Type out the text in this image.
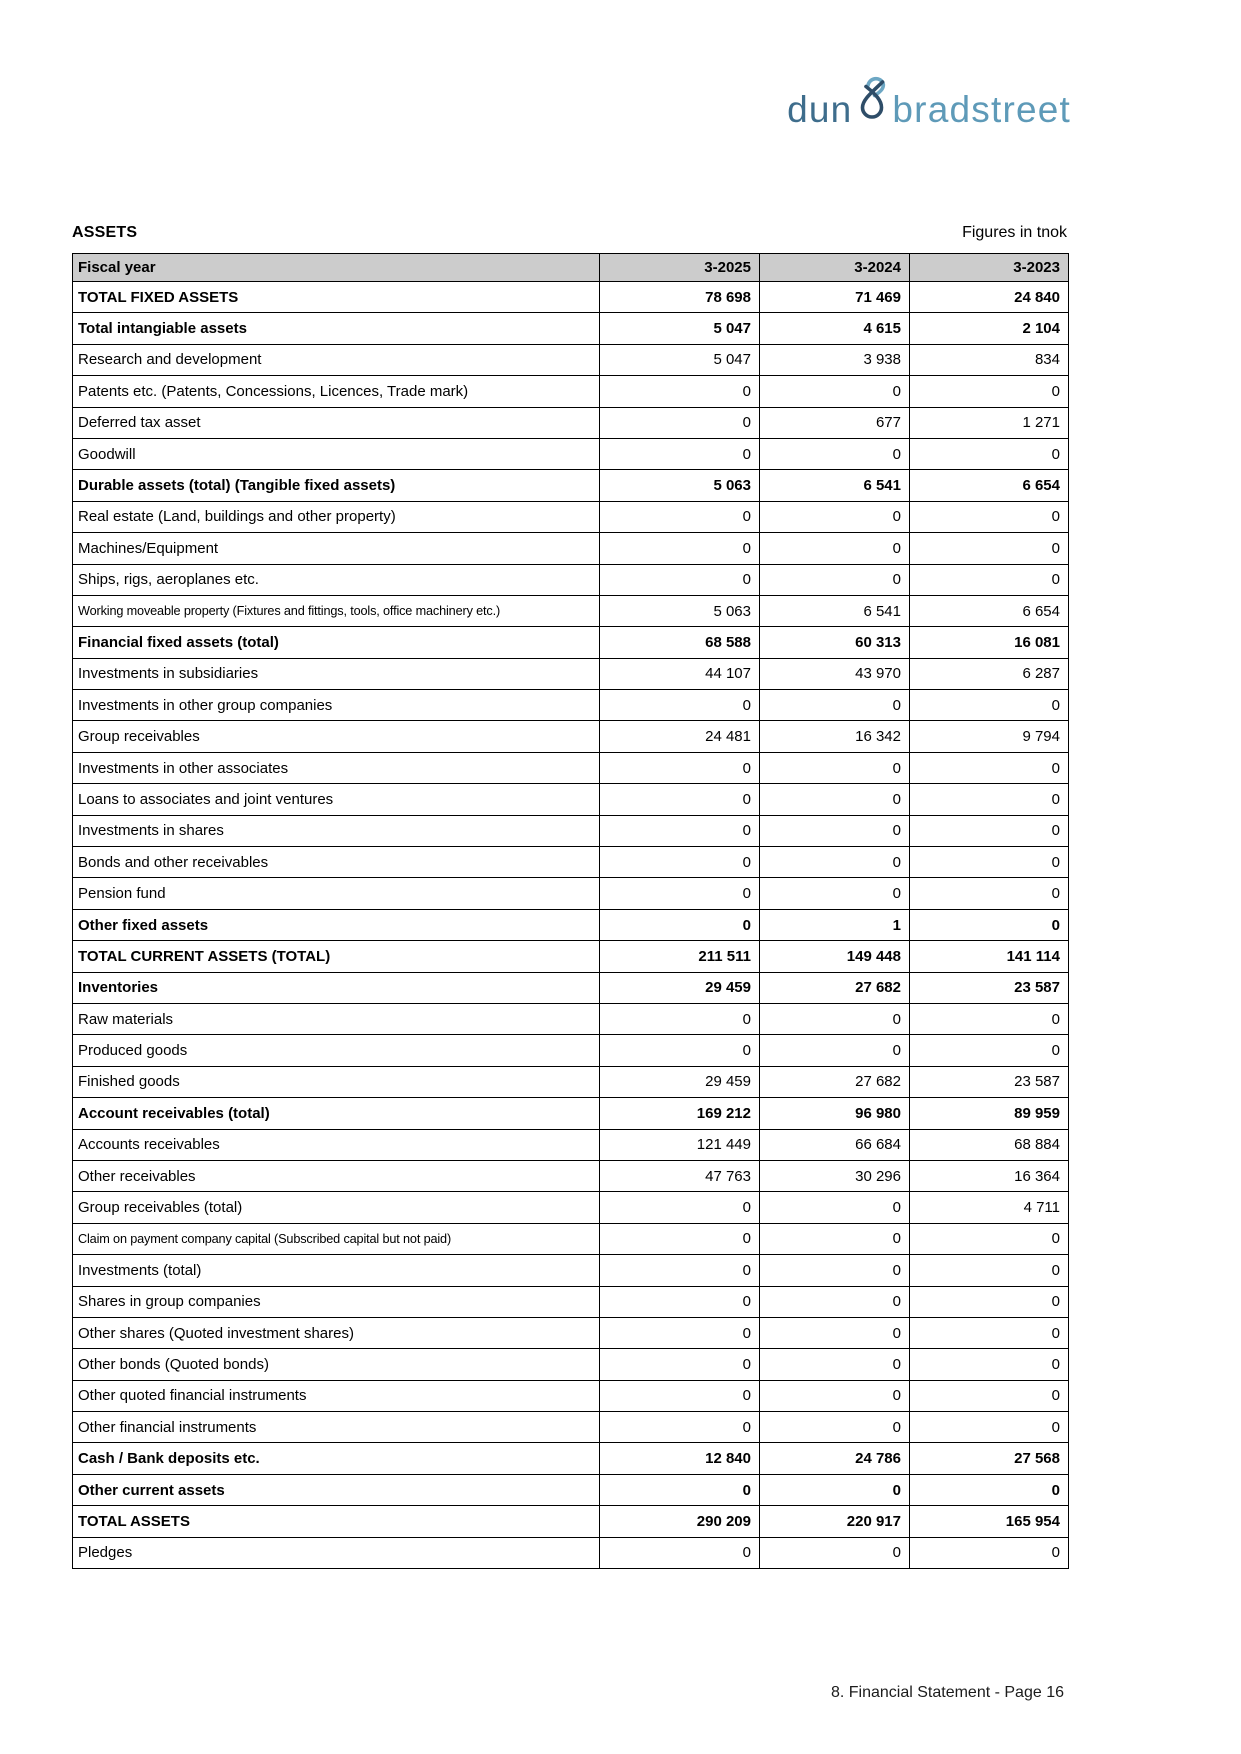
dun bradstreet
ASSETS	Figures in tnok
Fiscal year	3-2025	3-2024	3-2023
TOTAL FIXED ASSETS	78 698	71 469	24 840
Total intangiable assets	5 047	4 615	2 104
Research and development	5 047	3 938	834
Patents etc. (Patents, Concessions, Licences, Trade mark)	0	0	0
Deferred tax asset	0	677	1 271
Goodwill	0	0	0
Durable assets (total) (Tangible fixed assets)	5 063	6 541	6 654
Real estate (Land, buildings and other property)	0	0	0
Machines/Equipment	0	0	0
Ships, rigs, aeroplanes etc.	0	0	0
Working moveable property (Fixtures and fittings, tools, office machinery etc.)	5 063	6 541	6 654
Financial fixed assets (total)	68 588	60 313	16 081
Investments in subsidiaries	44 107	43 970	6 287
Investments in other group companies	0	0	0
Group receivables	24 481	16 342	9 794
Investments in other associates	0	0	0
Loans to associates and joint ventures	0	0	0
Investments in shares	0	0	0
Bonds and other receivables	0	0	0
Pension fund	0	0	0
Other fixed assets	0	1	0
TOTAL CURRENT ASSETS (TOTAL)	211 511	149 448	141 114
Inventories	29 459	27 682	23 587
Raw materials	0	0	0
Produced goods	0	0	0
Finished goods	29 459	27 682	23 587
Account receivables (total)	169 212	96 980	89 959
Accounts receivables	121 449	66 684	68 884
Other receivables	47 763	30 296	16 364
Group receivables (total)	0	0	4 711
Claim on payment company capital (Subscribed capital but not paid)	0	0	0
Investments (total)	0	0	0
Shares in group companies	0	0	0
Other shares (Quoted investment shares)	0	0	0
Other bonds (Quoted bonds)	0	0	0
Other quoted financial instruments	0	0	0
Other financial instruments	0	0	0
Cash / Bank deposits etc.	12 840	24 786	27 568
Other current assets	0	0	0
TOTAL ASSETS	290 209	220 917	165 954
Pledges	0	0	0
8. Financial Statement - Page 16
